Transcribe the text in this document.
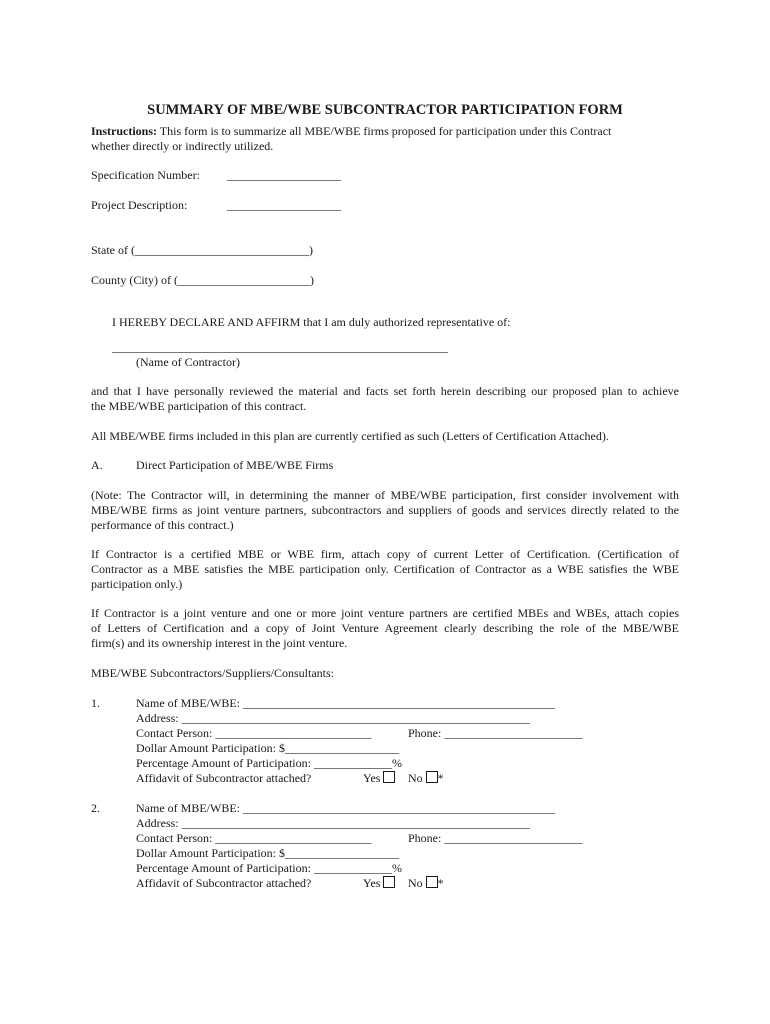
SUMMARY OF MBE/WBE SUBCONTRACTOR PARTICIPATION FORM
Instructions: This form is to summarize all MBE/WBE firms proposed for participation under this Contract
whether directly or indirectly utilized.
Specification Number: ___________________
Project Description:	___________________
State of (_____________________________)
County (City) of (______________________)
I HEREBY DECLARE AND AFFIRM that I am duly authorized representative of:
________________________________________________________
(Name of Contractor)
and that I have personally reviewed the material and facts set forth herein describing our proposed plan to achieve
the MBE/WBE participation of this contract.
All MBE/WBE firms included in this plan are currently certified as such (Letters of Certification Attached).
A.	Direct Participation of MBE/WBE Firms
(Note: The Contractor will, in determining the manner of MBE/WBE participation, first consider involvement with
MBE/WBE firms as joint venture partners, subcontractors and suppliers of goods and services directly related to the
performance of this contract.)
If Contractor is a certified MBE or WBE firm, attach copy of current Letter of Certification. (Certification of
Contractor as a MBE satisfies the MBE participation only. Certification of Contractor as a WBE satisfies the WBE
participation only.)
If Contractor is a joint venture and one or more joint venture partners are certified MBEs and WBEs, attach copies
of Letters of Certification and a copy of Joint Venture Agreement clearly describing the role of the MBE/WBE
firm(s) and its ownership interest in the joint venture.
MBE/WBE Subcontractors/Suppliers/Consultants:
1.	Name of MBE/WBE: ____________________________________________________
Address: __________________________________________________________
Contact Person: __________________________	Phone: _______________________
Dollar Amount Participation: $___________________
Percentage Amount of Participation: _____________%
Affidavit of Subcontractor attached?	Yes	No *
2.	Name of MBE/WBE: ____________________________________________________
Address: __________________________________________________________
Contact Person: __________________________	Phone: _______________________
Dollar Amount Participation: $___________________
Percentage Amount of Participation: _____________%
Affidavit of Subcontractor attached?	Yes	No *
